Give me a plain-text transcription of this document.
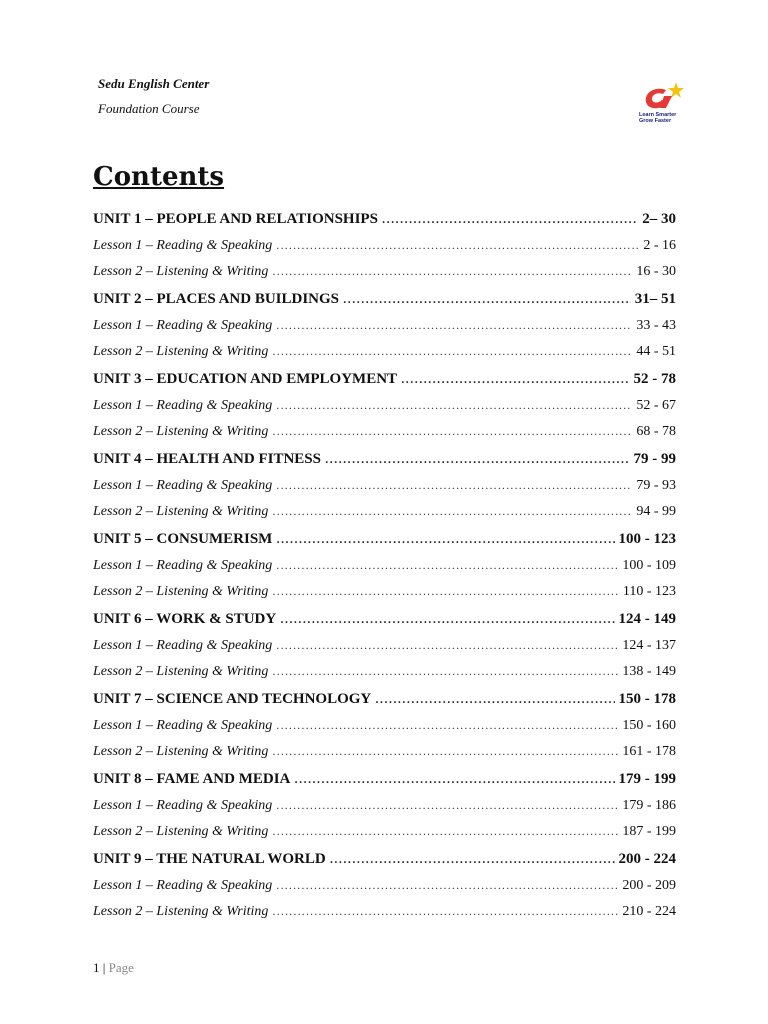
Sedu English Center
Foundation Course	Learn Smarter
Grow Faster
Contents
UNIT 1 – PEOPLE AND RELATIONSHIPS .....	2– 30
Lesson 1 – Reading & Speaking .....	2 - 16
Lesson 2 – Listening & Writing .....	16 - 30
UNIT 2 – PLACES AND BUILDINGS .....	31– 51
Lesson 1 – Reading & Speaking .....	33 - 43
Lesson 2 – Listening & Writing .....	44 - 51
UNIT 3 – EDUCATION AND EMPLOYMENT .....	52 - 78
Lesson 1 – Reading & Speaking .....	52 - 67
Lesson 2 – Listening & Writing .....	68 - 78
UNIT 4 – HEALTH AND FITNESS .....	79 - 99
Lesson 1 – Reading & Speaking .....	79 - 93
Lesson 2 – Listening & Writing .....	94 - 99
UNIT 5 – CONSUMERISM .....	100 - 123
Lesson 1 – Reading & Speaking .....	100 - 109
Lesson 2 – Listening & Writing .....	110 - 123
UNIT 6 – WORK & STUDY .....	124 - 149
Lesson 1 – Reading & Speaking .....	124 - 137
Lesson 2 – Listening & Writing .....	138 - 149
UNIT 7 – SCIENCE AND TECHNOLOGY .....	150 - 178
Lesson 1 – Reading & Speaking .....	150 - 160
Lesson 2 – Listening & Writing .....	161 - 178
UNIT 8 – FAME AND MEDIA .....	179 - 199
Lesson 1 – Reading & Speaking .....	179 - 186
Lesson 2 – Listening & Writing .....	187 - 199
UNIT 9 – THE NATURAL WORLD .....	200 - 224
Lesson 1 – Reading & Speaking .....	200 - 209
Lesson 2 – Listening & Writing .....	210 - 224
1 | Page
